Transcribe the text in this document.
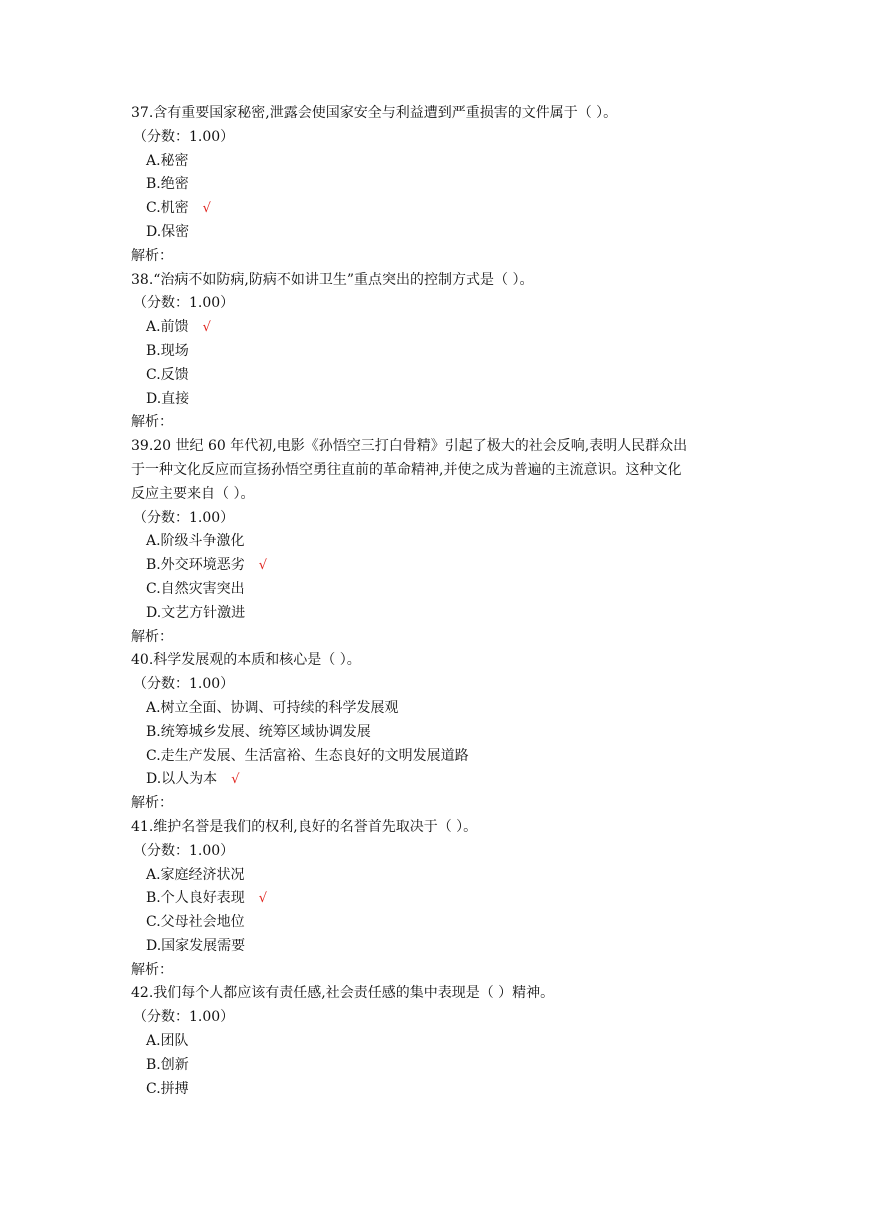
37.含有重要国家秘密,泄露会使国家安全与利益遭到严重损害的文件属于（ ）。
（分数：1.00）
A.秘密
B.绝密
C.机密 √
D.保密
解析：
38.“治病不如防病,防病不如讲卫生”重点突出的控制方式是（ ）。
（分数：1.00）
A.前馈 √
B.现场
C.反馈
D.直接
解析：
39.20 世纪 60 年代初,电影《孙悟空三打白骨精》引起了极大的社会反响,表明人民群众出
于一种文化反应而宣扬孙悟空勇往直前的革命精神,并使之成为普遍的主流意识。这种文化
反应主要来自（ ）。
（分数：1.00）
A.阶级斗争激化
B.外交环境恶劣 √
C.自然灾害突出
D.文艺方针激进
解析：
40.科学发展观的本质和核心是（ ）。
（分数：1.00）
A.树立全面、协调、可持续的科学发展观
B.统筹城乡发展、统筹区域协调发展
C.走生产发展、生活富裕、生态良好的文明发展道路
D.以人为本 √
解析：
41.维护名誉是我们的权利,良好的名誉首先取决于（ ）。
（分数：1.00）
A.家庭经济状况
B.个人良好表现 √
C.父母社会地位
D.国家发展需要
解析：
42.我们每个人都应该有责任感,社会责任感的集中表现是（ ）精神。
（分数：1.00）
A.团队
B.创新
C.拼搏
